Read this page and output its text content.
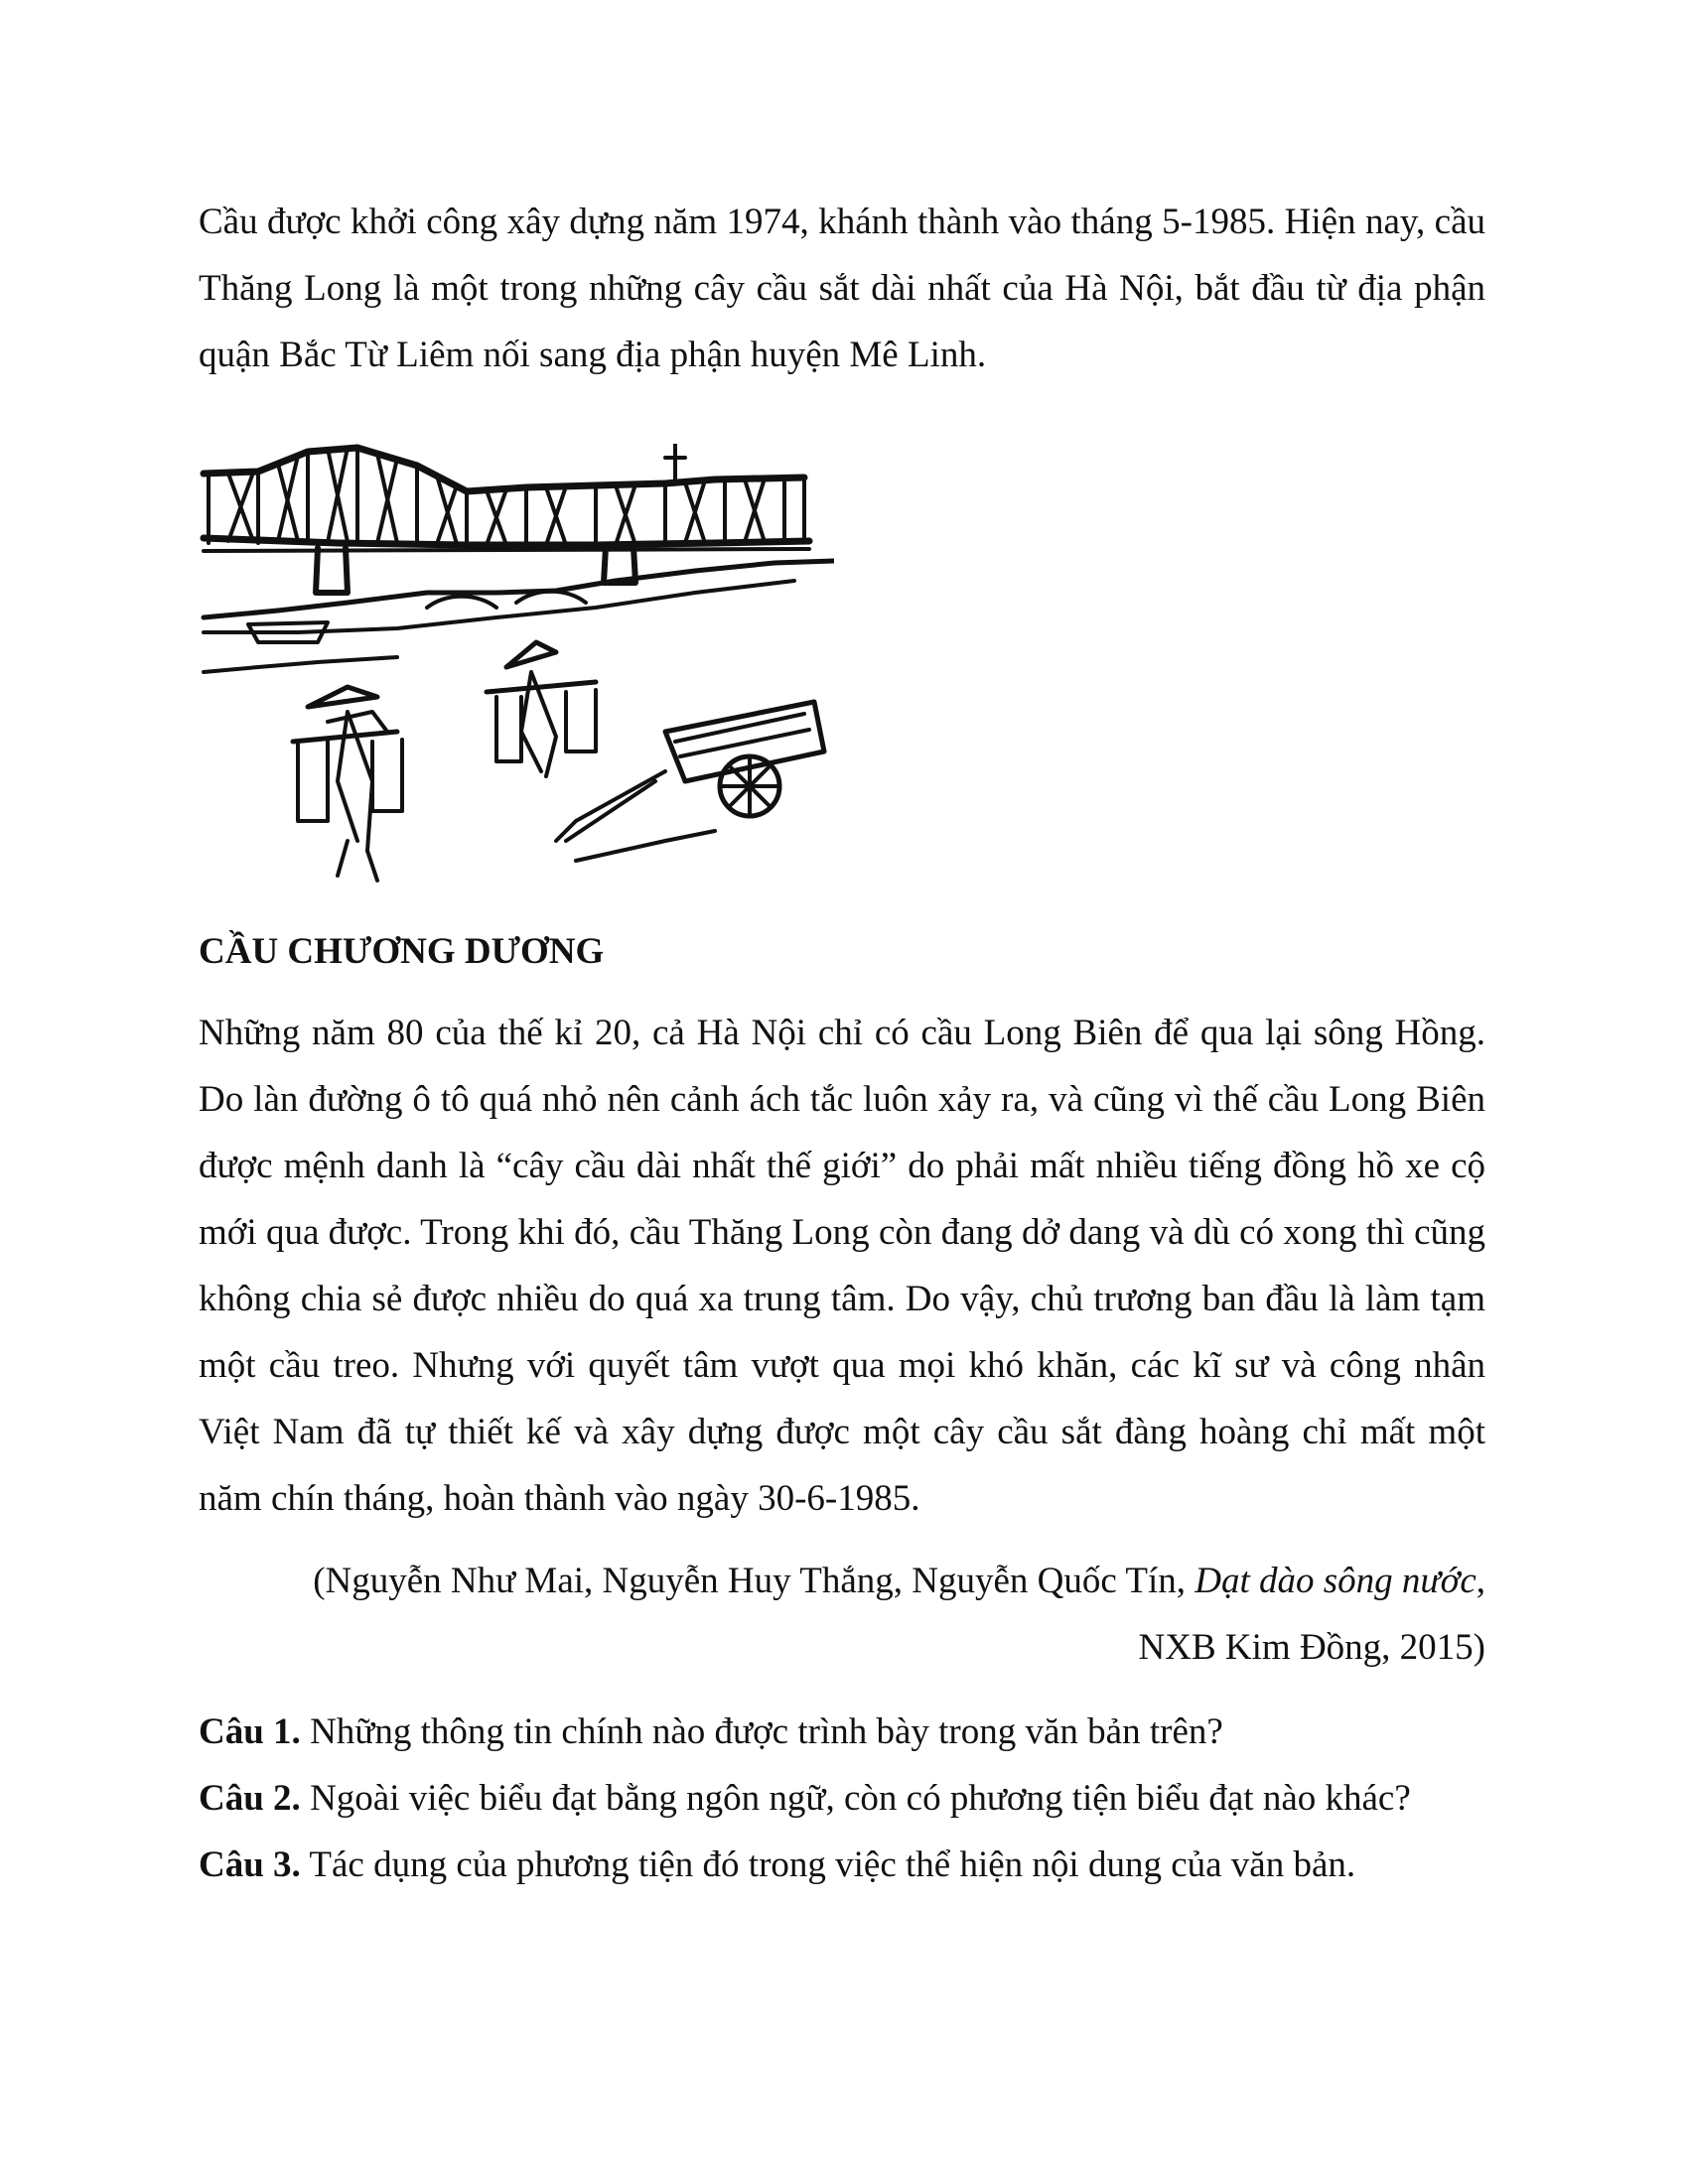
Cầu được khởi công xây dựng năm 1974, khánh thành vào tháng 5-1985. Hiện nay, cầu Thăng Long là một trong những cây cầu sắt dài nhất của Hà Nội, bắt đầu từ địa phận quận Bắc Từ Liêm nối sang địa phận huyện Mê Linh.

CẦU CHƯƠNG DƯƠNG

Những năm 80 của thế kỉ 20, cả Hà Nội chỉ có cầu Long Biên để qua lại sông Hồng. Do làn đường ô tô quá nhỏ nên cảnh ách tắc luôn xảy ra, và cũng vì thế cầu Long Biên được mệnh danh là “cây cầu dài nhất thế giới” do phải mất nhiều tiếng đồng hồ xe cộ mới qua được. Trong khi đó, cầu Thăng Long còn đang dở dang và dù có xong thì cũng không chia sẻ được nhiều do quá xa trung tâm. Do vậy, chủ trương ban đầu là làm tạm một cầu treo. Nhưng với quyết tâm vượt qua mọi khó khăn, các kĩ sư và công nhân Việt Nam đã tự thiết kế và xây dựng được một cây cầu sắt đàng hoàng chỉ mất một năm chín tháng, hoàn thành vào ngày 30-6-1985.

(Nguyễn Như Mai, Nguyễn Huy Thắng, Nguyễn Quốc Tín, Dạt dào sông nước,
NXB Kim Đồng, 2015)

Câu 1. Những thông tin chính nào được trình bày trong văn bản trên?

Câu 2. Ngoài việc biểu đạt bằng ngôn ngữ, còn có phương tiện biểu đạt nào khác?

Câu 3. Tác dụng của phương tiện đó trong việc thể hiện nội dung của văn bản.
